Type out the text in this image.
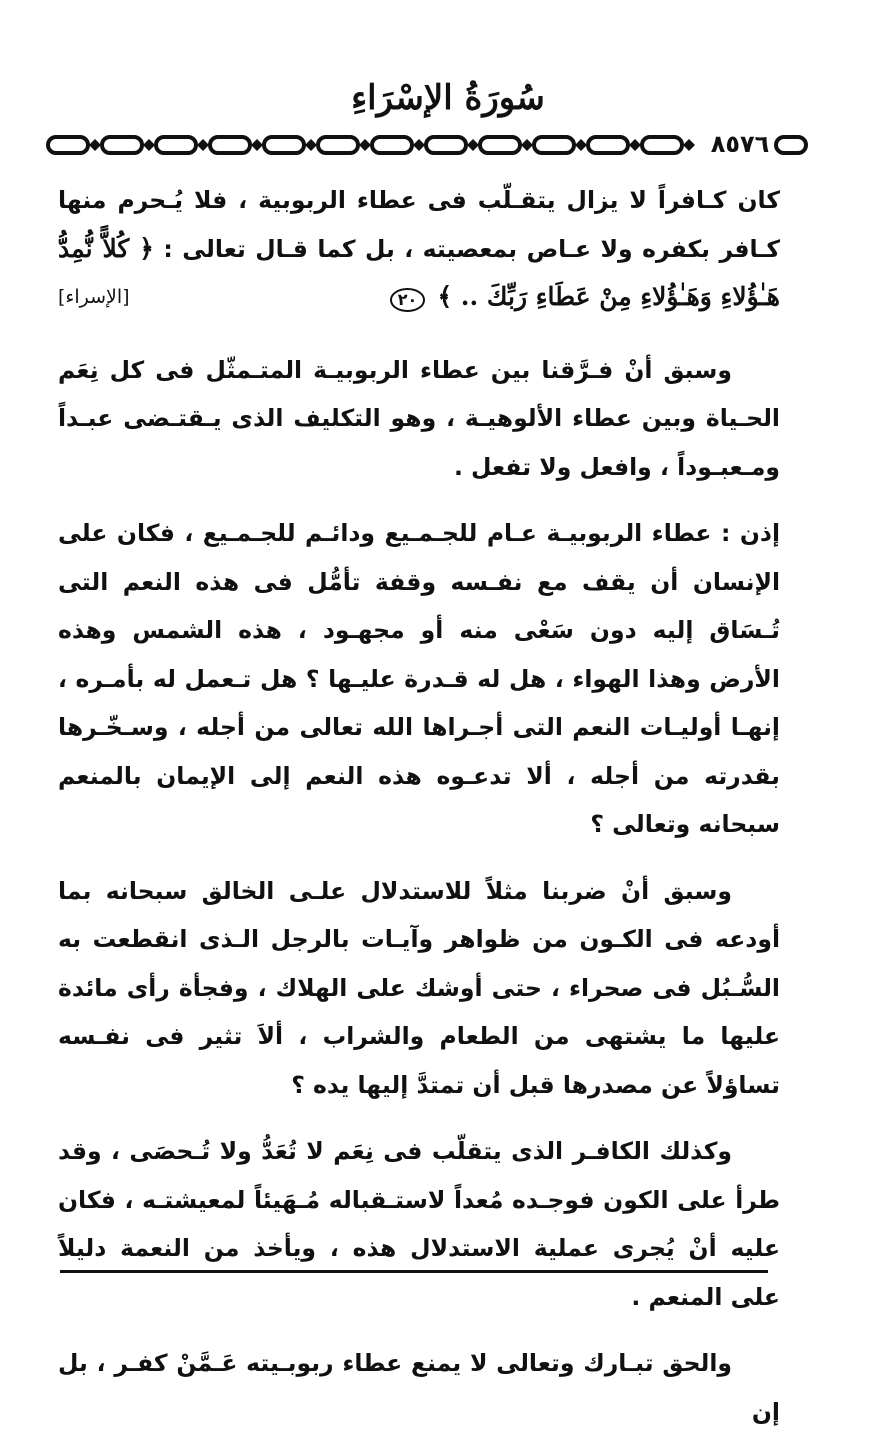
سُورَةُ الإسْرَاءِ
٨٥٧٦

كان كـافراً لا يزال يتقـلّب فى عطاء الربوبية ، فلا يُـحرم منها كـافر بكفره ولا عـاص بمعصيته ، بل كما قـال تعالى : ﴿ كُلاًّ نُّمِدُّ هَـٰؤُلاءِ وَهَـٰؤُلاءِ مِنْ عَطَاءِ رَبِّكَ .. ﴾ ٢٠
[الإسراء]

وسبق أنْ فـرَّقنا بين عطاء الربوبيـة المتـمثّل فى كل نِعَم الحـياة وبين عطاء الألوهيـة ، وهو التكليف الذى يـقتـضى عبـداً ومـعبـوداً ، وافعل ولا تفعل .

إذن : عطاء الربوبيـة عـام للجـمـيع ودائـم للجـمـيع ، فكان على الإنسان أن يقف مع نفـسه وقفة تأمُّل فى هذه النعم التى تُـسَاق إليه دون سَعْى منه أو مجهـود ، هذه الشمس وهذه الأرض وهذا الهواء ، هل له قـدرة عليـها ؟ هل تـعمل له بأمـره ، إنهـا أوليـات النعم التى أجـراها الله تعالى من أجله ، وسـخّـرها بقدرته من أجله ، ألا تدعـوه هذه النعم إلى الإيمان بالمنعم سبحانه وتعالى ؟

وسبق أنْ ضربنا مثلاً للاستدلال علـى الخالق سبحانه بما أودعه فى الكـون من ظواهر وآيـات بالرجل الـذى انقطعت به السُّـبُل فى صحراء ، حتى أوشك على الهلاك ، وفجأة رأى مائدة عليها ما يشتهى من الطعام والشراب ، ألاَ تثير فى نفـسه تساؤلاً عن مصدرها قبل أن تمتدَّ إليها يده ؟

وكذلك الكافـر الذى يتقلّب فى نِعَم لا تُعَدُّ ولا تُـحصَى ، وقد طرأ على الكون فوجـده مُعداً لاستـقباله مُـهَيئاً لمعيشتـه ، فكان عليه أنْ يُجرى عملية الاستدلال هذه ، ويأخذ من النعمة دليلاً على المنعم .

والحق تبـارك وتعالى لا يمنع عطاء ربوبـيته عَـمَّنْ كفـر ، بل إن
